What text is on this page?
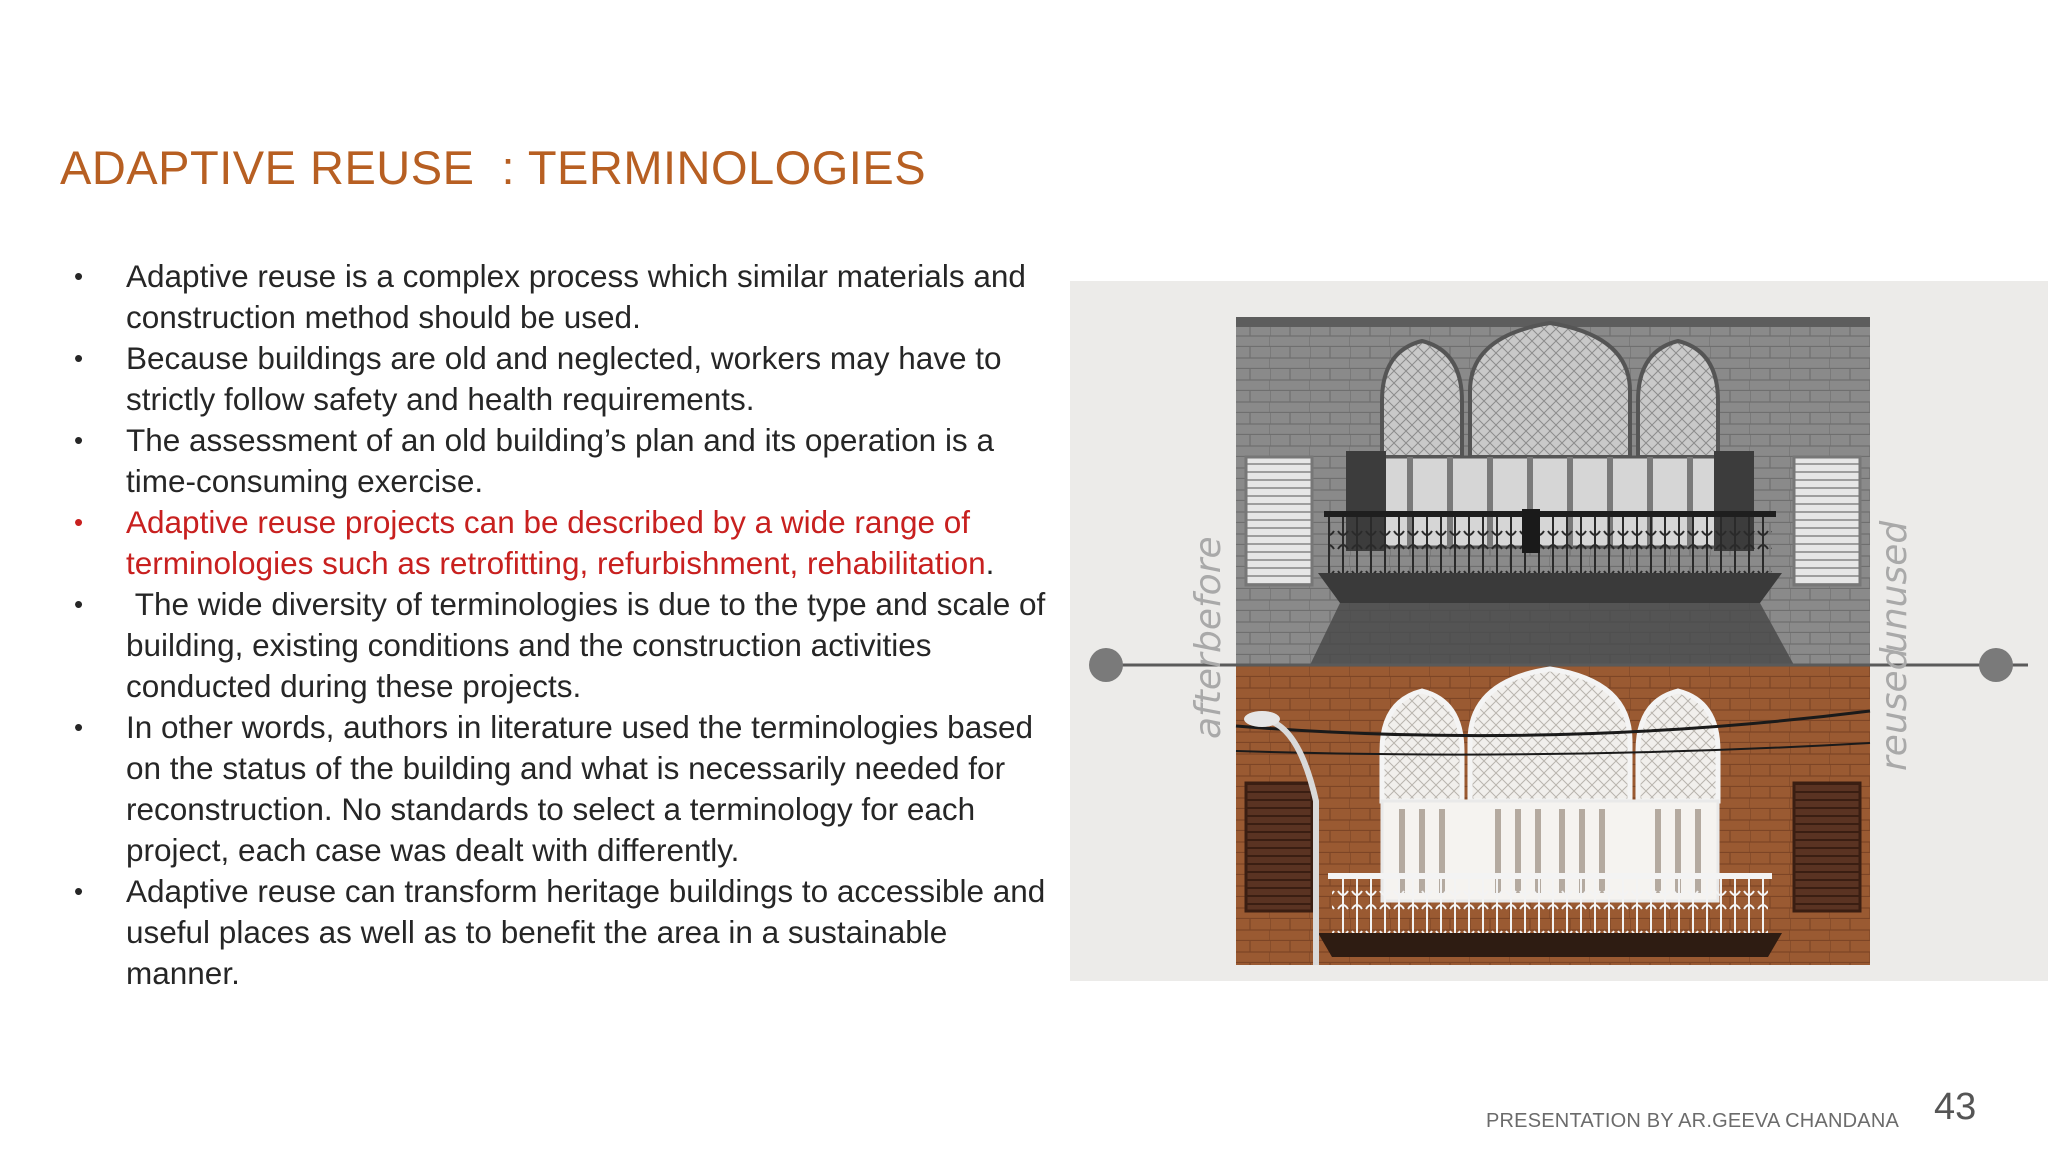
ADAPTIVE REUSE  : TERMINOLOGIES
• Adaptive reuse is a complex process which similar materials and construction method should be used.
• Because buildings are old and neglected, workers may have to strictly follow safety and health requirements.
• The assessment of an old building’s plan and its operation is a time-consuming exercise.
• Adaptive reuse projects can be described by a wide range of terminologies such as retrofitting, refurbishment, rehabilitation.
• The wide diversity of terminologies is due to the type and scale of building, existing conditions and the construction activities conducted during these projects.
• In other words, authors in literature used the terminologies based on the status of the building and what is necessarily needed for reconstruction. No standards to select a terminology for each project, each case was dealt with differently.
• Adaptive reuse can transform heritage buildings to accessible and useful places as well as to benefit the area in a sustainable manner.
before
after
unused
reused
PRESENTATION BY AR.GEEVA CHANDANA 43
